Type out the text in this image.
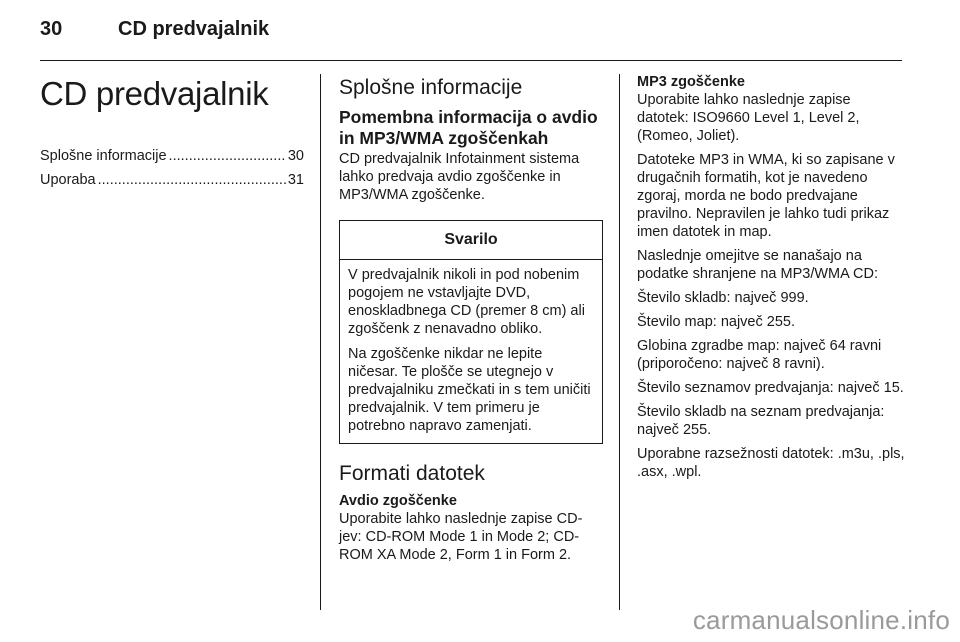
30	CD predvajalnik
CD predvajalnik
Splošne informacije .....	30
Uporaba .....	31
Splošne informacije
Pomembna informacija o avdio in MP3/WMA zgoščenkah

CD predvajalnik Infotainment sistema lahko predvaja avdio zgoščenke in MP3/WMA zgoščenke.

Svarilo

V predvajalnik nikoli in pod nobenim pogojem ne vstavljajte DVD, enoskladbnega CD (premer 8 cm) ali zgoščenk z nenavadno obliko.

Na zgoščenke nikdar ne lepite ničesar. Te plošče se utegnejo v predvajalniku zmečkati in s tem uničiti predvajalnik. V tem primeru je potrebno napravo zamenjati.

Formati datotek
Avdio zgoščenke

Uporabite lahko naslednje zapise CD-jev: CD-ROM Mode 1 in Mode 2; CD-ROM XA Mode 2, Form 1 in Form 2.

MP3 zgoščenke

Uporabite lahko naslednje zapise datotek: ISO9660 Level 1, Level 2, (Romeo, Joliet).

Datoteke MP3 in WMA, ki so zapisane v drugačnih formatih, kot je navedeno zgoraj, morda ne bodo predvajane pravilno. Nepravilen je lahko tudi prikaz imen datotek in map.

Naslednje omejitve se nanašajo na podatke shranjene na MP3/WMA CD:

Število skladb: največ 999.

Število map: največ 255.

Globina zgradbe map: največ 64 ravni (priporočeno: največ 8 ravni).

Število seznamov predvajanja: največ 15.

Število skladb na seznam predvajanja: največ 255.

Uporabne razsežnosti datotek: .m3u, .pls, .asx, .wpl.

carmanualsonline.info
